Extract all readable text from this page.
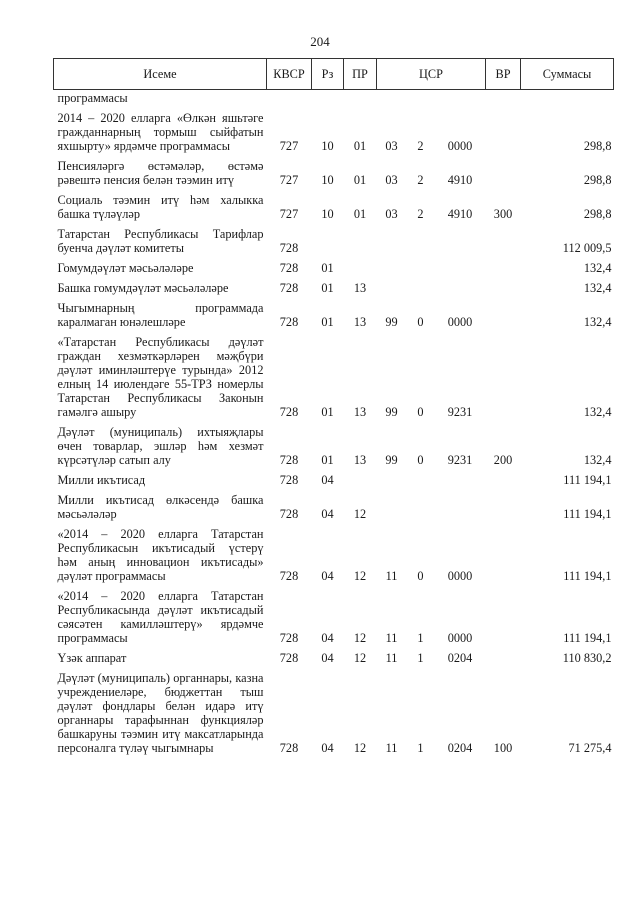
204
Исеме	КВСР	Рз	ПР	ЦСР			ВР	Суммасы
программасы								
2014 – 2020 елларга «Өлкән яшьтәге гражданнарның тормыш сыйфатын яхшырту» ярдәмче программасы	727	10	01	03	2	0000		298,8
Пенсияләргә өстәмәләр, өстәмә рәвештә пенсия белән тәэмин итү	727	10	01	03	2	4910		298,8
Социаль тәэмин итү һәм халыкка башка түләүләр	727	10	01	03	2	4910	300	298,8
Татарстан Республикасы Тарифлар буенча дәүләт комитеты	728							112 009,5
Гомумдәүләт мәсьәләләре	728	01						132,4
Башка гомумдәүләт мәсьәләләре	728	01	13					132,4
Чыгымнарның программада каралмаган юнәлешләре	728	01	13	99	0	0000		132,4
«Татарстан Республикасы дәүләт граждан хезмәткәрләрен мәҗбүри дәүләт иминләштерүе турында» 2012 елның 14 июлендәге 55-ТРЗ номерлы Татарстан Республикасы Законын гамәлгә ашыру	728	01	13	99	0	9231		132,4
Дәүләт (муниципаль) ихтыяҗлары өчен товарлар, эшләр һәм хезмәт күрсәтүләр сатып алу	728	01	13	99	0	9231	200	132,4
Милли икътисад	728	04						111 194,1
Милли икътисад өлкәсендә башка мәсьәләләр	728	04	12					111 194,1
«2014 – 2020 елларга Татарстан Республикасын икътисадый үстерү һәм аның инновацион икътисады» дәүләт программасы	728	04	12	11	0	0000		111 194,1
«2014 – 2020 елларга Татарстан Республикасында дәүләт икътисадый сәясәтен камилләштерү» ярдәмче программасы	728	04	12	11	1	0000		111 194,1
Үзәк аппарат	728	04	12	11	1	0204		110 830,2
Дәүләт (муниципаль) органнары, казна учреждениеләре, бюджеттан тыш дәүләт фондлары белән идарә итү органнары тарафыннан функцияләр башкаруны тәэмин итү максатларында персоналга түләү чыгымнары	728	04	12	11	1	0204	100	71 275,4
